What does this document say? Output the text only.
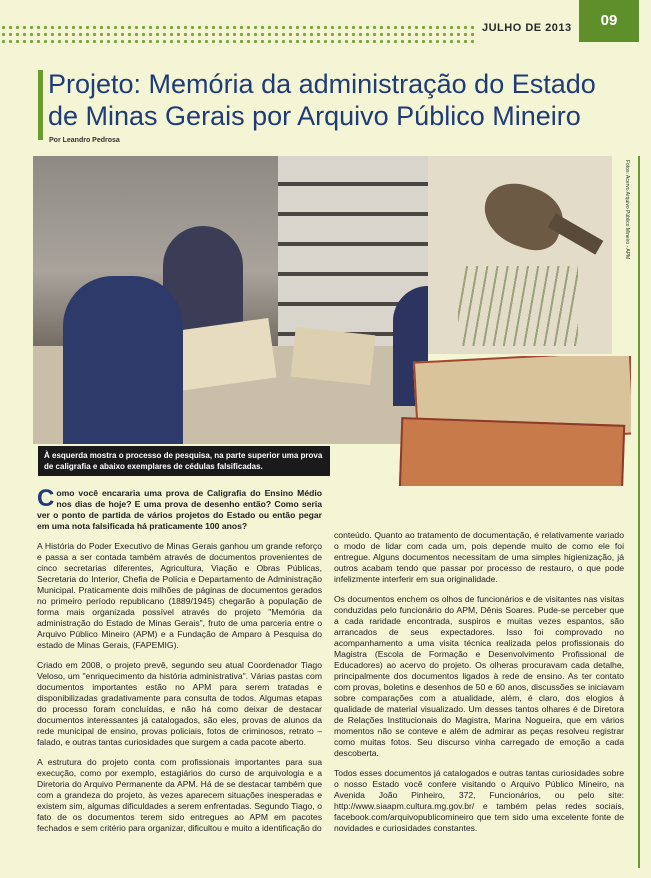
JULHO DE 2013	09
Projeto: Memória da administração do Estado de Minas Gerais por Arquivo Público Mineiro
Por Leandro Pedrosa
À esquerda mostra o processo de pesquisa, na parte superior uma prova de caligrafia e abaixo exemplares de cédulas falsificadas.
Fotos: Acervo Arquivo Público Mineiro - APM

Como você encararia uma prova de Caligrafia do Ensino Médio nos dias de hoje? E uma prova de desenho então? Como seria ver o ponto de partida de vários projetos do Estado ou então pegar em uma nota falsificada há praticamente 100 anos?

A História do Poder Executivo de Minas Gerais ganhou um grande reforço e passa a ser contada também através de documentos provenientes de cinco secretarias diferentes, Agricultura, Viação e Obras Públicas, Secretaria do Interior, Chefia de Polícia e Departamento de Administração Municipal. Praticamente dois milhões de páginas de documentos gerados no primeiro período republicano (1889/1945) chegarão à população de forma mais organizada possível através do projeto "Memória da administração do Estado de Minas Gerais", fruto de uma parceria entre o Arquivo Público Mineiro (APM) e a Fundação de Amparo à Pesquisa do estado de Minas Gerais, (FAPEMIG).

Criado em 2008, o projeto prevê, segundo seu atual Coordenador Tiago Veloso, um "enriquecimento da história administrativa". Várias pastas com documentos importantes estão no APM para serem tratadas e disponibilizadas gradativamente para consulta de todos. Algumas etapas do processo foram concluídas, e não há como deixar de destacar documentos interessantes já catalogados, são eles, provas de alunos da rede municipal de ensino, provas policiais, fotos de criminosos, retrato – falado, e outras tantas curiosidades que surgem a cada pacote aberto.

A estrutura do projeto conta com profissionais importantes para sua execução, como por exemplo, estagiários do curso de arquivologia e a Diretoria do Arquivo Permanente da APM. Há de se destacar também que com a grandeza do projeto, às vezes aparecem situações inesperadas e existem sim, algumas dificuldades a serem enfrentadas. Segundo Tiago, o fato de os documentos terem sido entregues ao APM em pacotes fechados e sem critério para organizar, dificultou e muito a identificação do

conteúdo. Quanto ao tratamento de documentação, é relativamente variado o modo de lidar com cada um, pois depende muito de como ele foi entregue. Alguns documentos necessitam de uma simples higienização, já outros acabam tendo que passar por processo de restauro, o que pode infelizmente interferir em sua originalidade.

Os documentos enchem os olhos de funcionários e de visitantes nas visitas conduzidas pelo funcionário do APM, Dênis Soares. Pude-se perceber que a cada raridade encontrada, suspiros e muitas vezes espantos, são arrancados de seus expectadores. Isso foi comprovado no acompanhamento a uma visita técnica realizada pelos profissionais do Magistra (Escola de Formação e Desenvolvimento Profissional de Educadores) ao acervo do projeto. Os olheras procuravam cada detalhe, principalmente dos documentos ligados à rede de ensino. As ter contato com provas, boletins e desenhos de 50 e 60 anos, discussões se iniciavam sobre comparações com a atualidade, além, é claro, dos elogios à qualidade de material visualizado. Um desses tantos olhares é de Diretora de Relações Institucionais do Magistra, Marina Nogueira, que em vários momentos não se conteve e além de admirar as peças resolveu registrar como muitas fotos. Seu discurso vinha carregado de emoção a cada descoberta.

Todos esses documentos já catalogados e outras tantas curiosidades sobre o nosso Estado você confere visitando o Arquivo Público Mineiro, na Avenida João Pinheiro, 372, Funcionários, ou pelo site: http://www.siaapm.cultura.mg.gov.br/ e também pelas redes sociais, facebook.com/arquivopublicomineiro que tem sido uma excelente fonte de novidades e curiosidades constantes.
